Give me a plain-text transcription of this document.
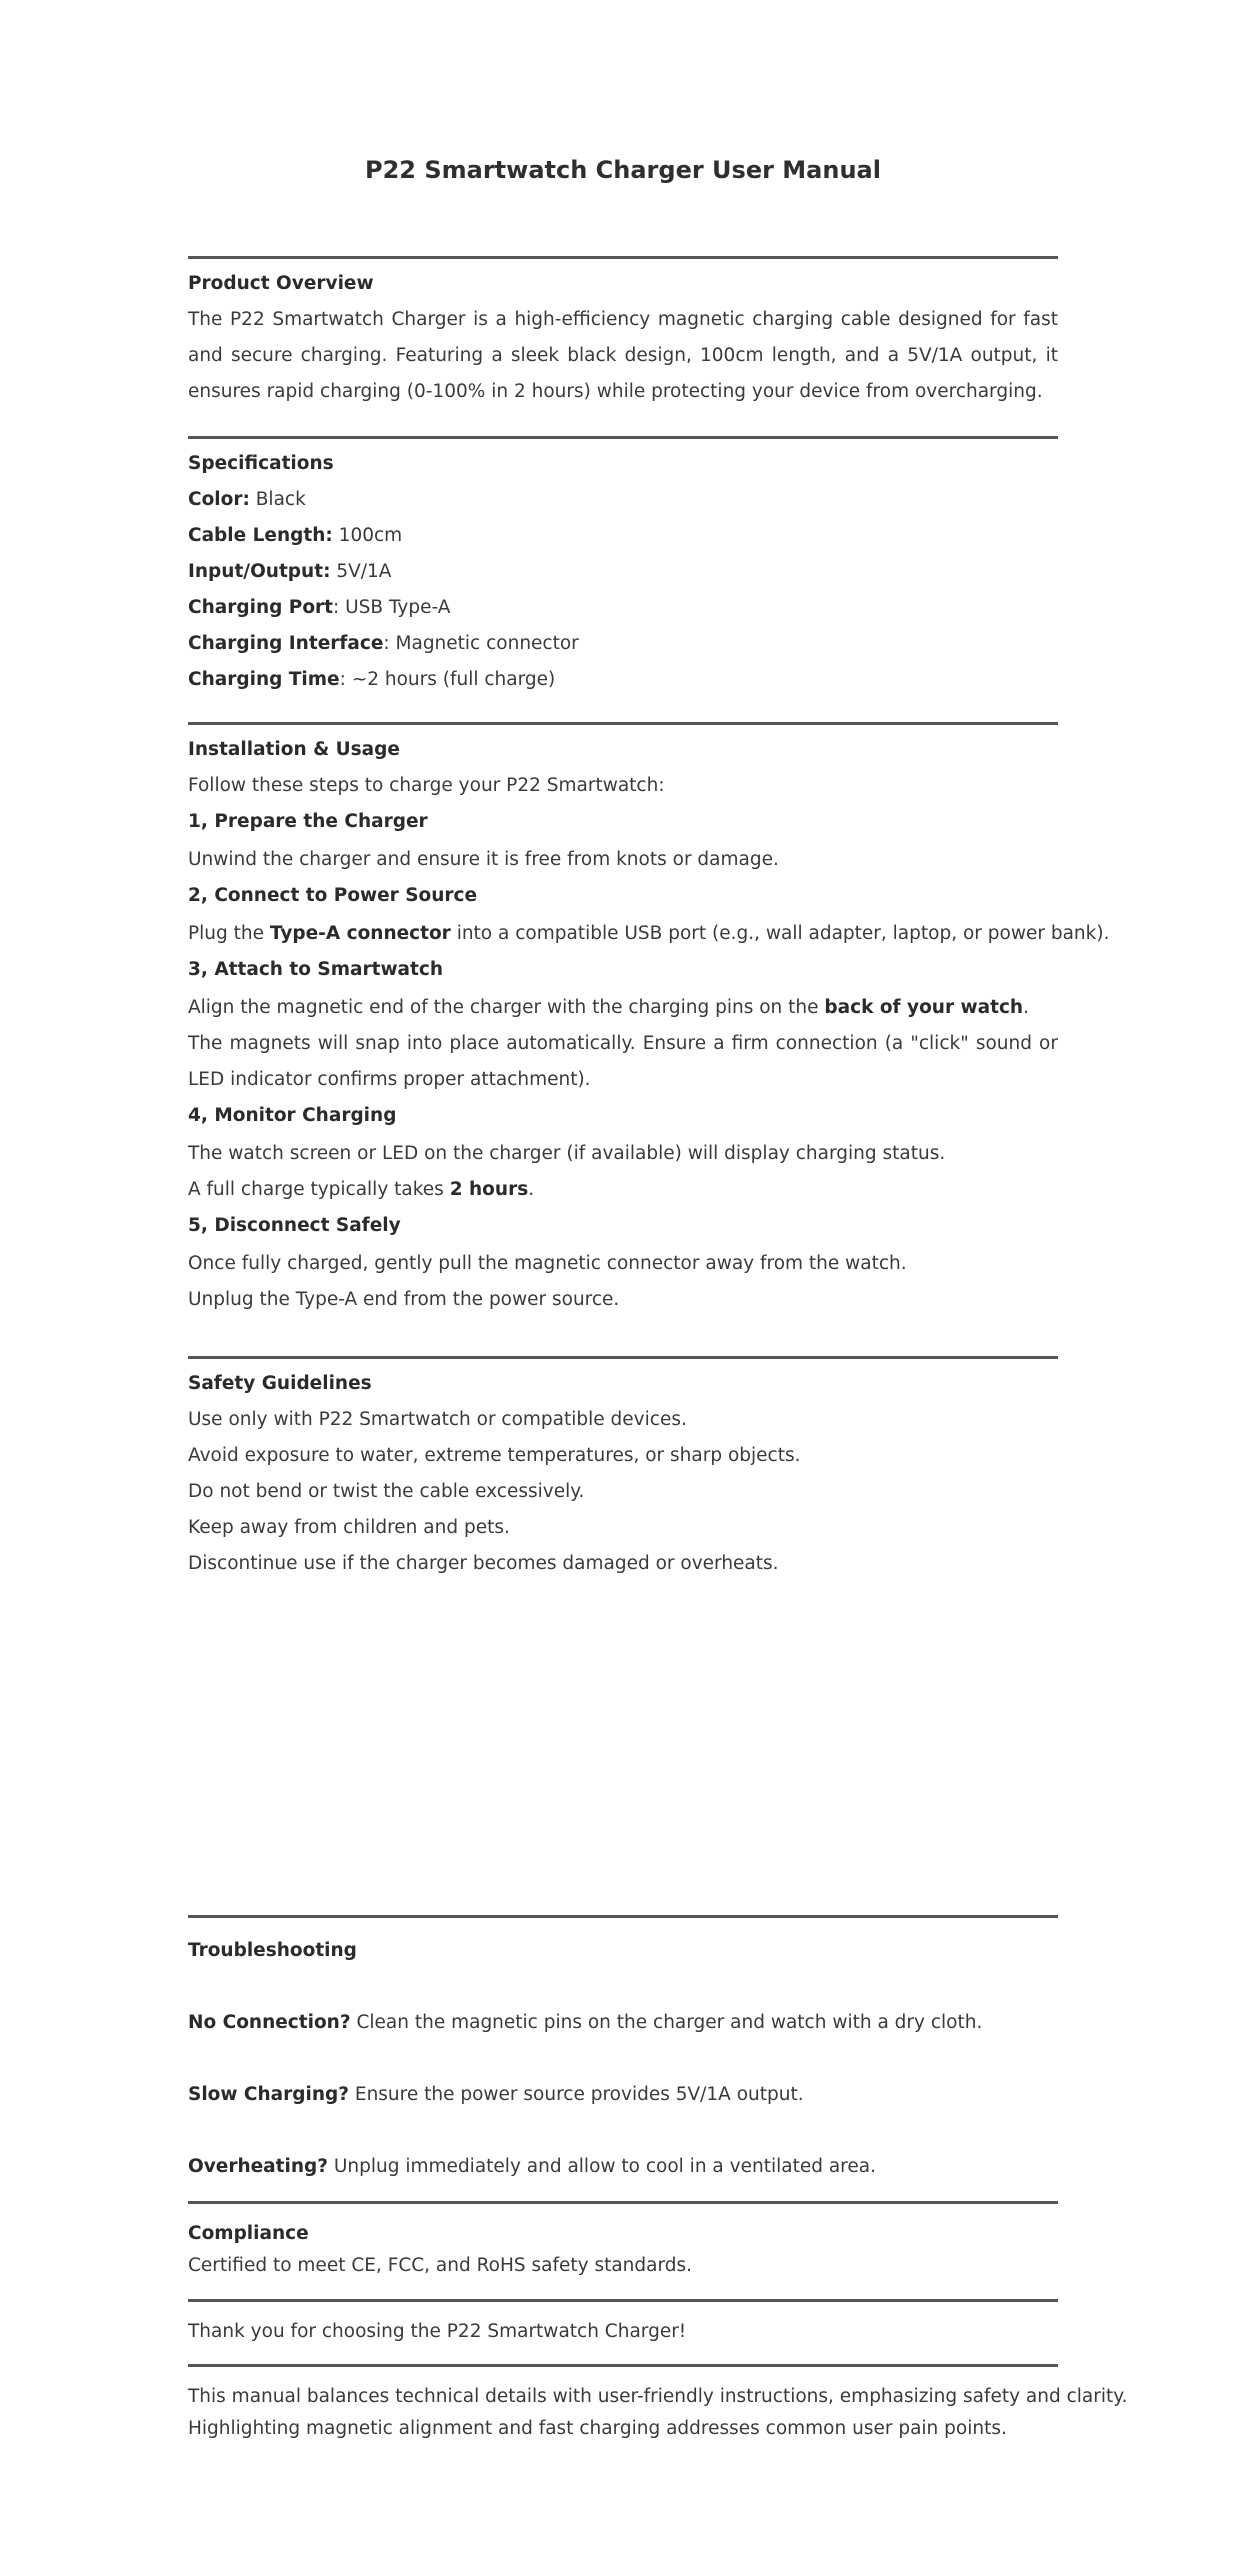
P22 Smartwatch Charger User Manual
Product Overview

The P22 Smartwatch Charger is a high-efficiency magnetic charging cable designed for fast and secure charging. Featuring a sleek black design, 100cm length, and a 5V/1A output, it ensures rapid charging (0-100% in 2 hours) while protecting your device from overcharging.

Specifications
Color: Black
Cable Length: 100cm
Input/Output: 5V/1A
Charging Port: USB Type-A
Charging Interface: Magnetic connector
Charging Time: ~2 hours (full charge)
Installation & Usage
Follow these steps to charge your P22 Smartwatch:
1, Prepare the Charger
Unwind the charger and ensure it is free from knots or damage.
2, Connect to Power Source
Plug the Type-A connector into a compatible USB port (e.g., wall adapter, laptop, or power bank).
3, Attach to Smartwatch
Align the magnetic end of the charger with the charging pins on the back of your watch.

The magnets will snap into place automatically. Ensure a firm connection (a "click" sound or LED indicator confirms proper attachment).

4, Monitor Charging
The watch screen or LED on the charger (if available) will display charging status.
A full charge typically takes 2 hours.
5, Disconnect Safely
Once fully charged, gently pull the magnetic connector away from the watch.
Unplug the Type-A end from the power source.
Safety Guidelines
Use only with P22 Smartwatch or compatible devices.
Avoid exposure to water, extreme temperatures, or sharp objects.
Do not bend or twist the cable excessively.
Keep away from children and pets.
Discontinue use if the charger becomes damaged or overheats.
Troubleshooting
No Connection? Clean the magnetic pins on the charger and watch with a dry cloth.
Slow Charging? Ensure the power source provides 5V/1A output.
Overheating? Unplug immediately and allow to cool in a ventilated area.
Compliance
Certified to meet CE, FCC, and RoHS safety standards.
Thank you for choosing the P22 Smartwatch Charger!
This manual balances technical details with user-friendly instructions, emphasizing safety and clarity.
Highlighting magnetic alignment and fast charging addresses common user pain points.
